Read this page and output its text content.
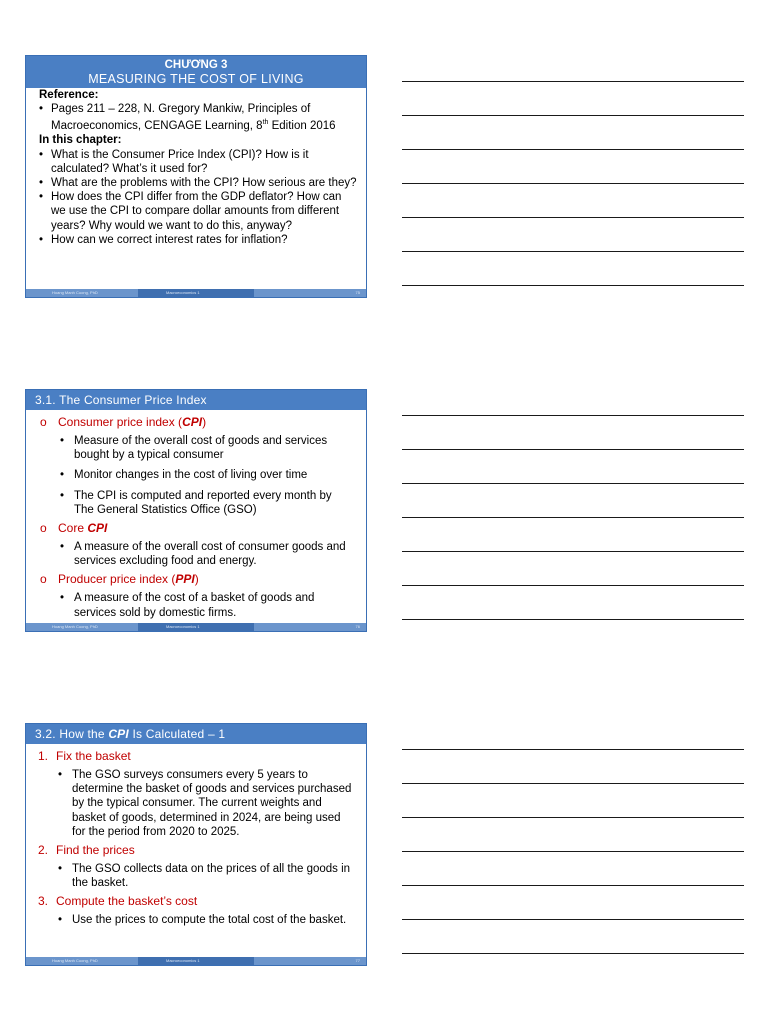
CHƯƠNG 3
MEASURING THE COST OF LIVING
Reference:
• Pages 211 – 228, N. Gregory Mankiw, Principles of Macroeconomics, CENGAGE Learning, 8th Edition 2016
In this chapter:
• What is the Consumer Price Index (CPI)? How is it calculated? What’s it used for?
• What are the problems with the CPI? How serious are they?
• How does the CPI differ from the GDP deflator? How can we use the CPI to compare dollar amounts from different years? Why would we want to do this, anyway?
• How can we correct interest rates for inflation?
Hoang Manh Cuong, PhD	Macroeconomics 1	75
3.1. The Consumer Price Index
o Consumer price index (CPI)
• Measure of the overall cost of goods and services bought by a typical consumer
• Monitor changes in the cost of living over time
• The CPI is computed and reported every month by The General Statistics Office (GSO)
o Core CPI
• A measure of the overall cost of consumer goods and services excluding food and energy.
o Producer price index (PPI)
• A measure of the cost of a basket of goods and services sold by domestic firms.
Hoang Manh Cuong, PhD	Macroeconomics 1	76
3.2. How the CPI Is Calculated – 1
1. Fix the basket
• The GSO surveys consumers every 5 years to determine the basket of goods and services purchased by the typical consumer. The current weights and basket of goods, determined in 2024, are being used for the period from 2020 to 2025.
2. Find the prices
• The GSO collects data on the prices of all the goods in the basket.
3. Compute the basket’s cost
• Use the prices to compute the total cost of the basket.
Hoang Manh Cuong, PhD	Macroeconomics 1	77
